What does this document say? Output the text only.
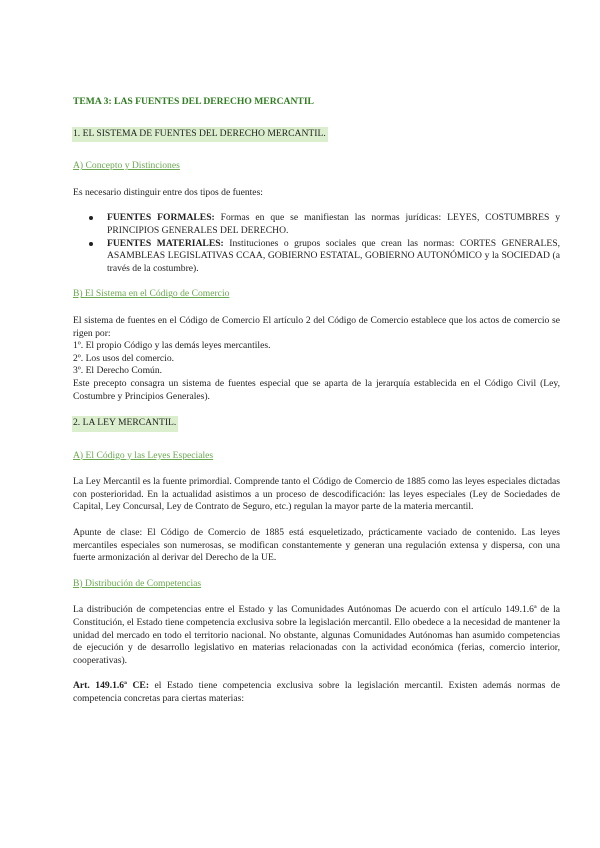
TEMA 3: LAS FUENTES DEL DERECHO MERCANTIL
1. EL SISTEMA DE FUENTES DEL DERECHO MERCANTIL.
A) Concepto y Distinciones

Es necesario distinguir entre dos tipos de fuentes:

FUENTES FORMALES: Formas en que se manifiestan las normas jurídicas: LEYES, COSTUMBRES y PRINCIPIOS GENERALES DEL DERECHO.
FUENTES MATERIALES: Instituciones o grupos sociales que crean las normas: CORTES GENERALES, ASAMBLEAS LEGISLATIVAS CCAA, GOBIERNO ESTATAL, GOBIERNO AUTONÓMICO y la SOCIEDAD (a través de la costumbre).
B) El Sistema en el Código de Comercio
El sistema de fuentes en el Código de Comercio El artículo 2 del Código de Comercio establece que los actos de comercio se rigen por:
1º. El propio Código y las demás leyes mercantiles.
2º. Los usos del comercio.
3º. El Derecho Común.
Este precepto consagra un sistema de fuentes especial que se aparta de la jerarquía establecida en el Código Civil (Ley, Costumbre y Principios Generales).
2. LA LEY MERCANTIL.
A) El Código y las Leyes Especiales

La Ley Mercantil es la fuente primordial. Comprende tanto el Código de Comercio de 1885 como las leyes especiales dictadas con posterioridad. En la actualidad asistimos a un proceso de descodificación: las leyes especiales (Ley de Sociedades de Capital, Ley Concursal, Ley de Contrato de Seguro, etc.) regulan la mayor parte de la materia mercantil.

Apunte de clase: El Código de Comercio de 1885 está esqueletizado, prácticamente vaciado de contenido. Las leyes mercantiles especiales son numerosas, se modifican constantemente y generan una regulación extensa y dispersa, con una fuerte armonización al derivar del Derecho de la UE.

B) Distribución de Competencias

La distribución de competencias entre el Estado y las Comunidades Autónomas De acuerdo con el artículo 149.1.6ª de la Constitución, el Estado tiene competencia exclusiva sobre la legislación mercantil. Ello obedece a la necesidad de mantener la unidad del mercado en todo el territorio nacional. No obstante, algunas Comunidades Autónomas han asumido competencias de ejecución y de desarrollo legislativo en materias relacionadas con la actividad económica (ferias, comercio interior, cooperativas).

Art. 149.1.6ª CE: el Estado tiene competencia exclusiva sobre la legislación mercantil. Existen además normas de competencia concretas para ciertas materias:
